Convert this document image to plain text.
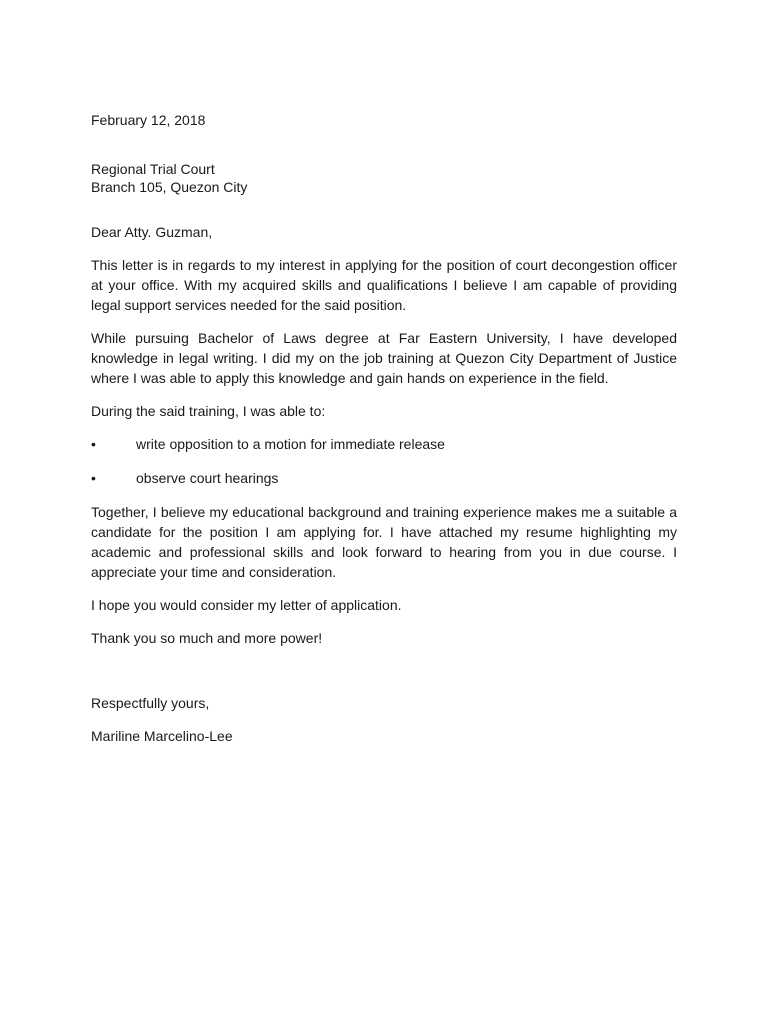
February 12, 2018

Regional Trial Court

Branch 105, Quezon City

Dear Atty. Guzman,

This letter is in regards to my interest in applying for the position of court decongestion officer at your office. With my acquired skills and qualifications I believe I am capable of providing legal support services needed for the said position.

While pursuing Bachelor of Laws degree at Far Eastern University, I have developed knowledge in legal writing. I did my on the job training at Quezon City Department of Justice where I was able to apply this knowledge and gain hands on experience in the field.

During the said training, I was able to:

•	write opposition to a motion for immediate release
•	observe court hearings

Together, I believe my educational background and training experience makes me a suitable a candidate for the position I am applying for. I have attached my resume highlighting my academic and professional skills and look forward to hearing from you in due course. I appreciate your time and consideration.

I hope you would consider my letter of application.

Thank you so much and more power!

Respectfully yours,

Mariline Marcelino-Lee
